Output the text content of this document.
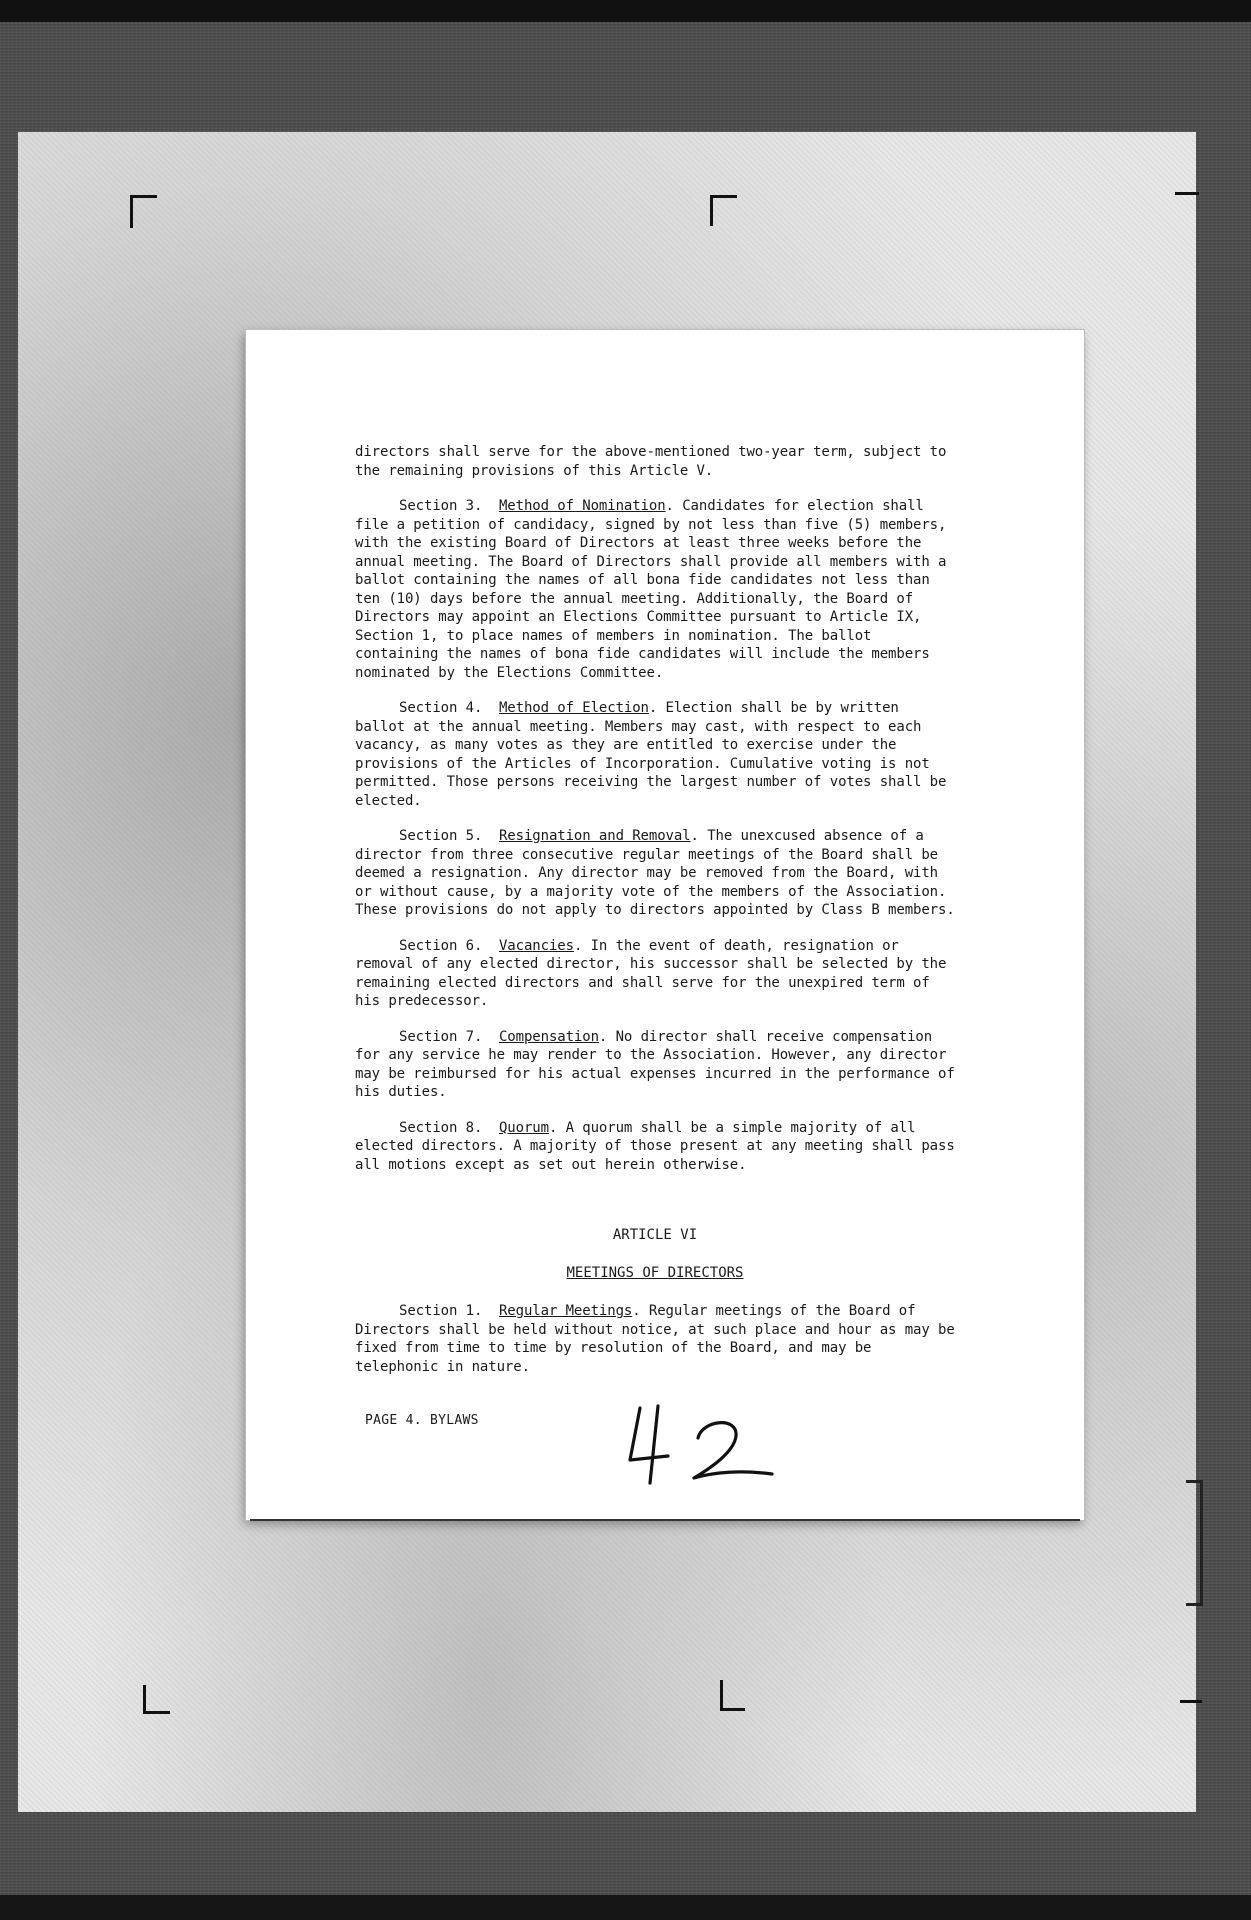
directors shall serve for the above-mentioned two-year term, subject to the remaining provisions of this Article V.

Section 3. Method of Nomination. Candidates for election shall file a petition of candidacy, signed by not less than five (5) members, with the existing Board of Directors at least three weeks before the annual meeting. The Board of Directors shall provide all members with a ballot containing the names of all bona fide candidates not less than ten (10) days before the annual meeting. Additionally, the Board of Directors may appoint an Elections Committee pursuant to Article IX, Section 1, to place names of members in nomination. The ballot containing the names of bona fide candidates will include the members nominated by the Elections Committee.

Section 4. Method of Election. Election shall be by written ballot at the annual meeting. Members may cast, with respect to each vacancy, as many votes as they are entitled to exercise under the provisions of the Articles of Incorporation. Cumulative voting is not permitted. Those persons receiving the largest number of votes shall be elected.

Section 5. Resignation and Removal. The unexcused absence of a director from three consecutive regular meetings of the Board shall be deemed a resignation. Any director may be removed from the Board, with or without cause, by a majority vote of the members of the Association. These provisions do not apply to directors appointed by Class B members.

Section 6. Vacancies. In the event of death, resignation or removal of any elected director, his successor shall be selected by the remaining elected directors and shall serve for the unexpired term of his predecessor.

Section 7. Compensation. No director shall receive compensation for any service he may render to the Association. However, any director may be reimbursed for his actual expenses incurred in the performance of his duties.

Section 8. Quorum. A quorum shall be a simple majority of all elected directors. A majority of those present at any meeting shall pass all motions except as set out herein otherwise.

ARTICLE VI
MEETINGS OF DIRECTORS

Section 1. Regular Meetings. Regular meetings of the Board of Directors shall be held without notice, at such place and hour as may be fixed from time to time by resolution of the Board, and may be telephonic in nature.

PAGE 4. BYLAWS
